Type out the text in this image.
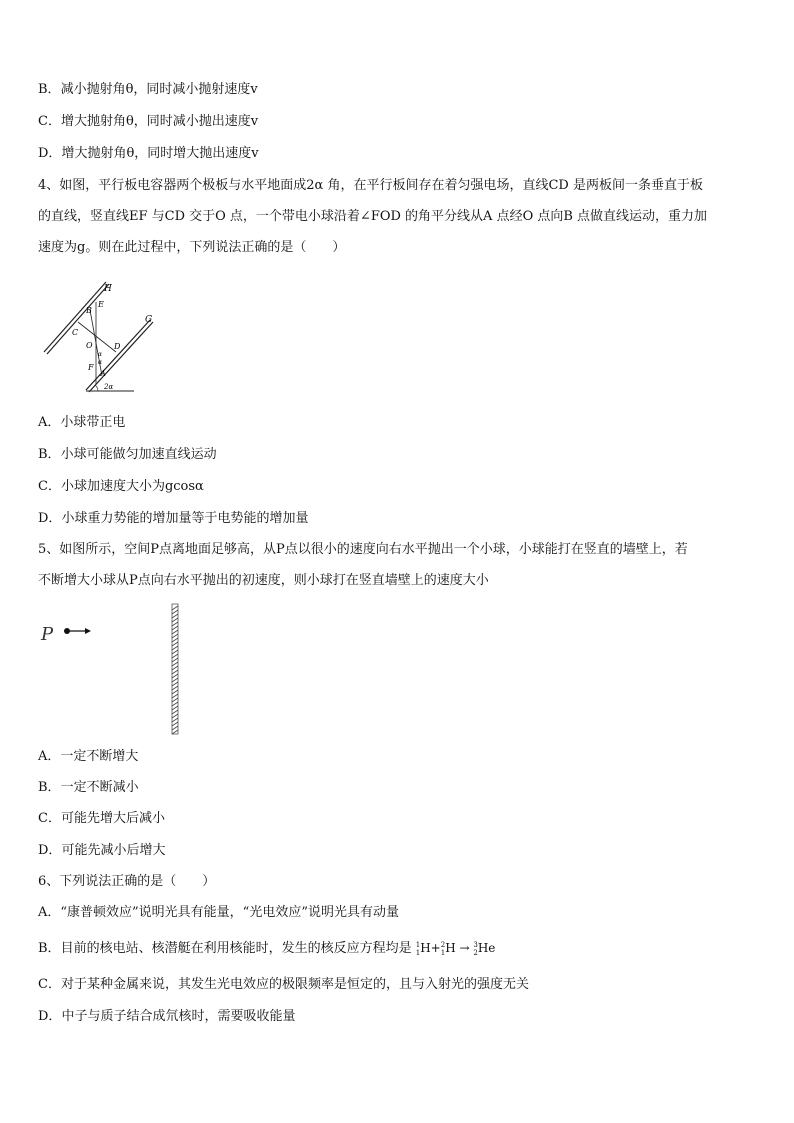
B．减小抛射角θ，同时减小抛射速度v
C．增大抛射角θ，同时减小抛出速度v
D．增大抛射角θ，同时增大抛出速度v
4、如图，平行板电容器两个极板与水平地面成2α 角，在平行板间存在着匀强电场，直线CD 是两板间一条垂直于板
的直线，竖直线EF 与CD 交于O 点，一个带电小球沿着∠FOD 的角平分线从A 点经O 点向B 点做直线运动，重力加
速度为g。则在此过程中，下列说法正确的是（　　）
H
G
B
E
C
O	D
α
α
F
A
2α
A．小球带正电
B．小球可能做匀加速直线运动
C．小球加速度大小为gcosα
D．小球重力势能的增加量等于电势能的增加量
5、如图所示，空间P点离地面足够高，从P点以很小的速度向右水平抛出一个小球，小球能打在竖直的墙壁上，若
不断增大小球从P点向右水平抛出的初速度，则小球打在竖直墙壁上的速度大小
P
A．一定不断增大
B．一定不断减小
C．可能先增大后减小
D．可能先减小后增大
6、下列说法正确的是（　　）
A．“康普顿效应”说明光具有能量，“光电效应”说明光具有动量
B．目前的核电站、核潜艇在利用核能时，发生的核反应方程均是 1
1 H+ 2
1 H → 3
2 He
C．对于某种金属来说，其发生光电效应的极限频率是恒定的，且与入射光的强度无关
D．中子与质子结合成氘核时，需要吸收能量
